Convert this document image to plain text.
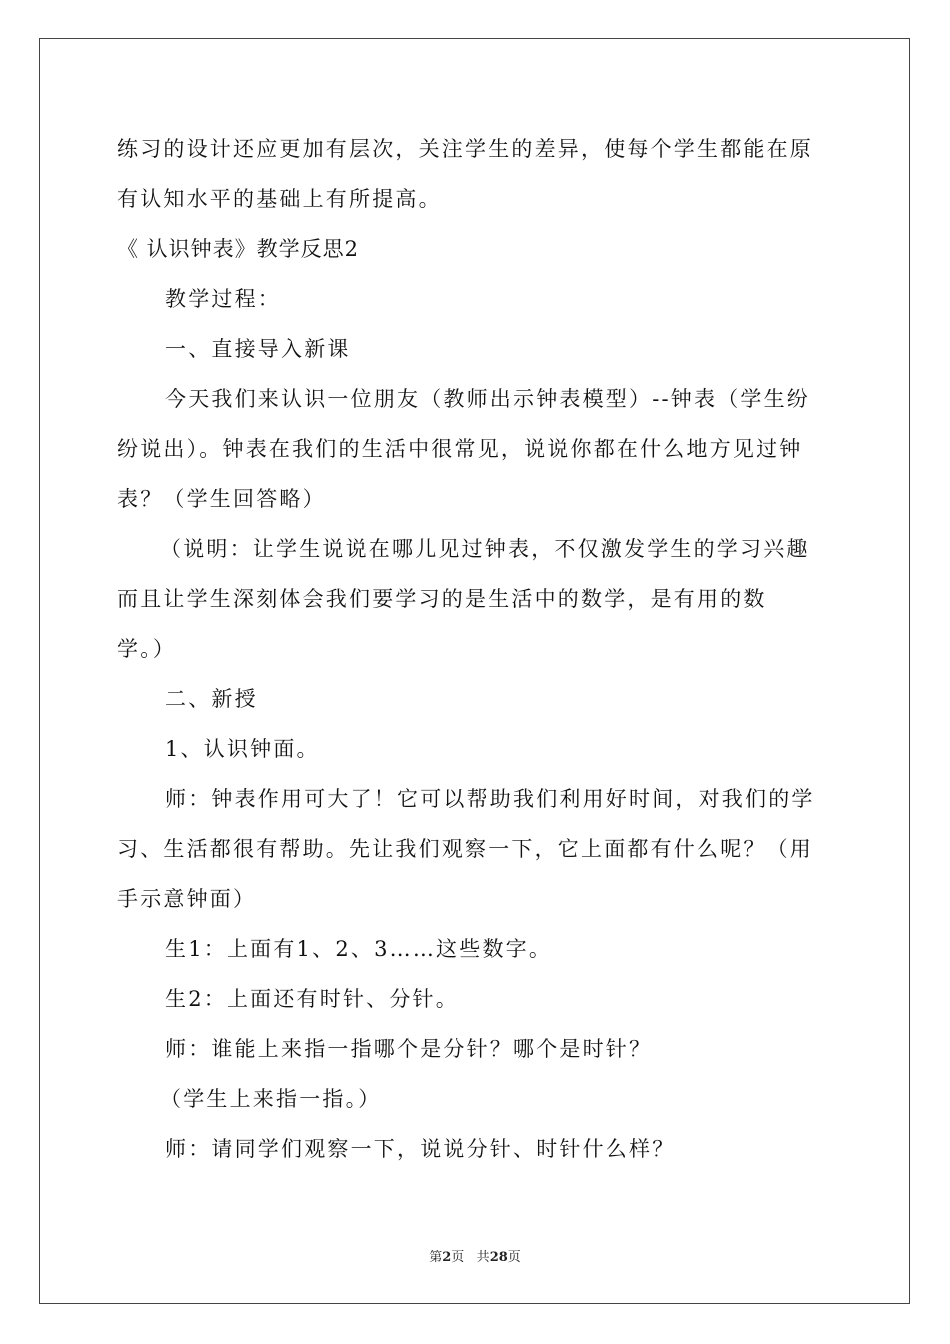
练习的设计还应更加有层次，关注学生的差异，使每个学生都能在原
有认知水平的基础上有所提高。
《 认识钟表》教学反思2
教学过程：
一、直接导入新课
今天我们来认识一位朋友（教师出示钟表模型）--钟表（学生纷
纷说出）。钟表在我们的生活中很常见，说说你都在什么地方见过钟
表？（学生回答略）
（说明：让学生说说在哪儿见过钟表，不仅激发学生的学习兴趣
而且让学生深刻体会我们要学习的是生活中的数学，是有用的数
学。）
二、新授
1、认识钟面。
师：钟表作用可大了！它可以帮助我们利用好时间，对我们的学
习、生活都很有帮助。先让我们观察一下，它上面都有什么呢？（用
手示意钟面）
生1：上面有1、2、3……这些数字。
生2：上面还有时针、分针。
师：谁能上来指一指哪个是分针？哪个是时针？
（学生上来指一指。）
师：请同学们观察一下，说说分针、时针什么样？
第2页 共28页
